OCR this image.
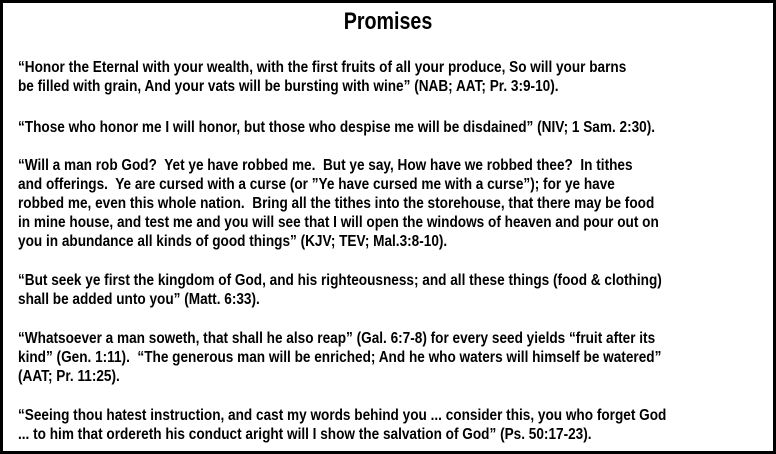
Promises

“Honor the Eternal with your wealth, with the first fruits of all your produce, So will your barns
be filled with grain, And your vats will be bursting with wine” (NAB; AAT; Pr. 3:9-10).

“Those who honor me I will honor, but those who despise me will be disdained” (NIV; 1 Sam. 2:30).

“Will a man rob God?  Yet ye have robbed me.  But ye say, How have we robbed thee?  In tithes
and offerings.  Ye are cursed with a curse (or ”Ye have cursed me with a curse”); for ye have
robbed me, even this whole nation.  Bring all the tithes into the storehouse, that there may be food
in mine house, and test me and you will see that I will open the windows of heaven and pour out on
you in abundance all kinds of good things” (KJV; TEV; Mal.3:8-10).

“But seek ye first the kingdom of God, and his righteousness; and all these things (food & clothing)
shall be added unto you” (Matt. 6:33).

“Whatsoever a man soweth, that shall he also reap” (Gal. 6:7-8) for every seed yields “fruit after its
kind” (Gen. 1:11).  “The generous man will be enriched; And he who waters will himself be watered”
(AAT; Pr. 11:25).

“Seeing thou hatest instruction, and cast my words behind you ... consider this, you who forget God
... to him that ordereth his conduct aright will I show the salvation of God” (Ps. 50:17-23).
